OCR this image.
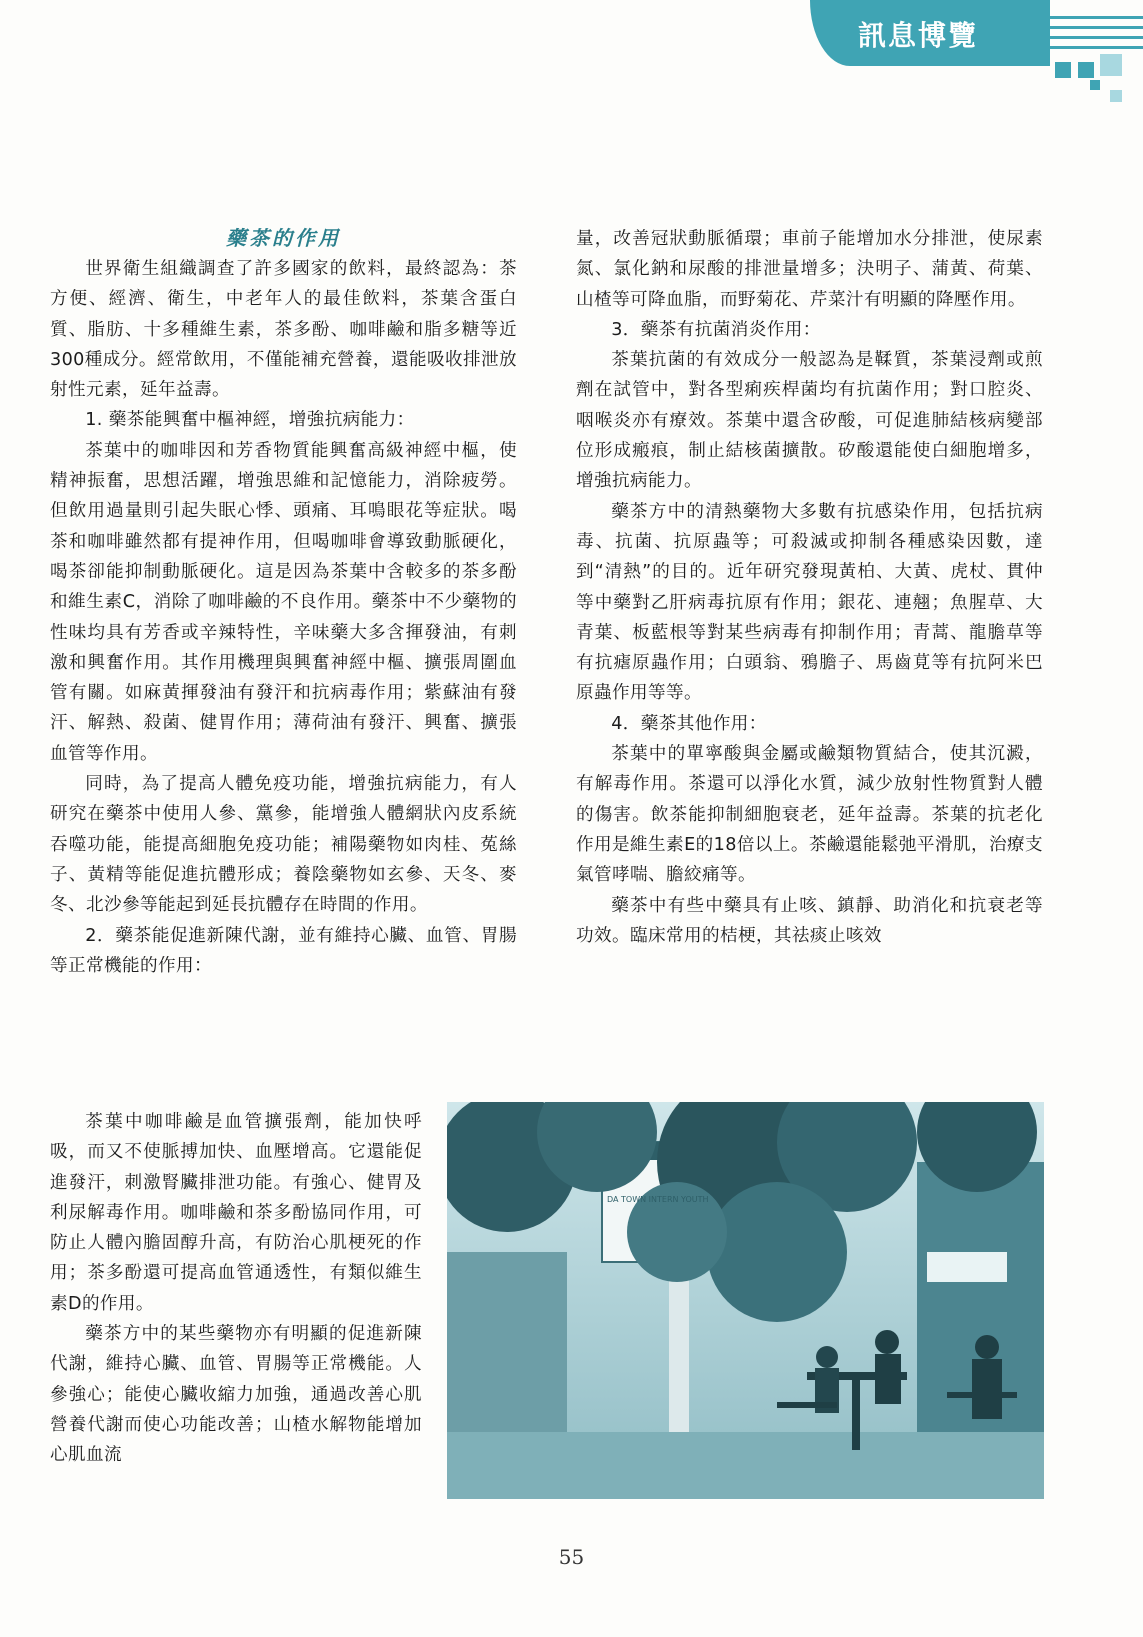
訊息博覽
藥茶的作用

世界衛生組織調查了許多國家的飲料，最終認為：茶方便、經濟、衛生，中老年人的最佳飲料，茶葉含蛋白質、脂肪、十多種維生素，茶多酚、咖啡鹼和脂多糖等近300種成分。經常飲用，不僅能補充營養，還能吸收排泄放射性元素，延年益壽。

1. 藥茶能興奮中樞神經，增強抗病能力：

茶葉中的咖啡因和芳香物質能興奮高級神經中樞，使精神振奮，思想活躍，增強思維和記憶能力，消除疲勞。但飲用過量則引起失眠心悸、頭痛、耳鳴眼花等症狀。喝茶和咖啡雖然都有提神作用，但喝咖啡會導致動脈硬化，喝茶卻能抑制動脈硬化。這是因為茶葉中含較多的茶多酚和維生素C，消除了咖啡鹼的不良作用。藥茶中不少藥物的性味均具有芳香或辛辣特性，辛味藥大多含揮發油，有刺激和興奮作用。其作用機理與興奮神經中樞、擴張周圍血管有關。如麻黃揮發油有發汗和抗病毒作用；紫蘇油有發汗、解熱、殺菌、健胃作用；薄荷油有發汗、興奮、擴張血管等作用。

同時，為了提高人體免疫功能，增強抗病能力，有人研究在藥茶中使用人參、黨參，能增強人體網狀內皮系統吞噬功能，能提高細胞免疫功能；補陽藥物如肉桂、菟絲子、黃精等能促進抗體形成；養陰藥物如玄參、天冬、麥冬、北沙參等能起到延長抗體存在時間的作用。

2．藥茶能促進新陳代謝，並有維持心臟、血管、胃腸等正常機能的作用：

茶葉中咖啡鹼是血管擴張劑，能加快呼吸，而又不使脈搏加快、血壓增高。它還能促進發汗，刺激腎臟排泄功能。有強心、健胃及利尿解毒作用。咖啡鹼和茶多酚協同作用，可防止人體內膽固醇升高，有防治心肌梗死的作用；茶多酚還可提高血管通透性，有類似維生素D的作用。

藥茶方中的某些藥物亦有明顯的促進新陳代謝，維持心臟、血管、胃腸等正常機能。人參強心；能使心臟收縮力加強，通過改善心肌營養代謝而使心功能改善；山楂水解物能增加心肌血流

量，改善冠狀動脈循環；車前子能增加水分排泄，使尿素氮、氯化鈉和尿酸的排泄量增多；決明子、蒲黃、荷葉、山楂等可降血脂，而野菊花、芹菜汁有明顯的降壓作用。

3．藥茶有抗菌消炎作用：

茶葉抗菌的有效成分一般認為是鞣質，茶葉浸劑或煎劑在試管中，對各型痢疾桿菌均有抗菌作用；對口腔炎、咽喉炎亦有療效。茶葉中還含矽酸，可促進肺結核病變部位形成瘢痕，制止結核菌擴散。矽酸還能使白細胞增多，增強抗病能力。

藥茶方中的清熱藥物大多數有抗感染作用，包括抗病毒、抗菌、抗原蟲等；可殺滅或抑制各種感染因數，達到“清熱”的目的。近年研究發現黃柏、大黃、虎杖、貫仲等中藥對乙肝病毒抗原有作用；銀花、連翹；魚腥草、大青葉、板藍根等對某些病毒有抑制作用；青蒿、龍膽草等有抗瘧原蟲作用；白頭翁、鴉膽子、馬齒莧等有抗阿米巴原蟲作用等等。

4．藥茶其他作用：

茶葉中的單寧酸與金屬或鹼類物質結合，使其沉澱，有解毒作用。茶還可以淨化水質，減少放射性物質對人體的傷害。飲茶能抑制細胞衰老，延年益壽。茶葉的抗老化作用是維生素E的18倍以上。茶鹼還能鬆弛平滑肌，治療支氣管哮喘、膽絞痛等。

藥茶中有些中藥具有止咳、鎮靜、助消化和抗衰老等功效。臨床常用的桔梗，其祛痰止咳效

DA TOWN INTERN YOUTH
55
